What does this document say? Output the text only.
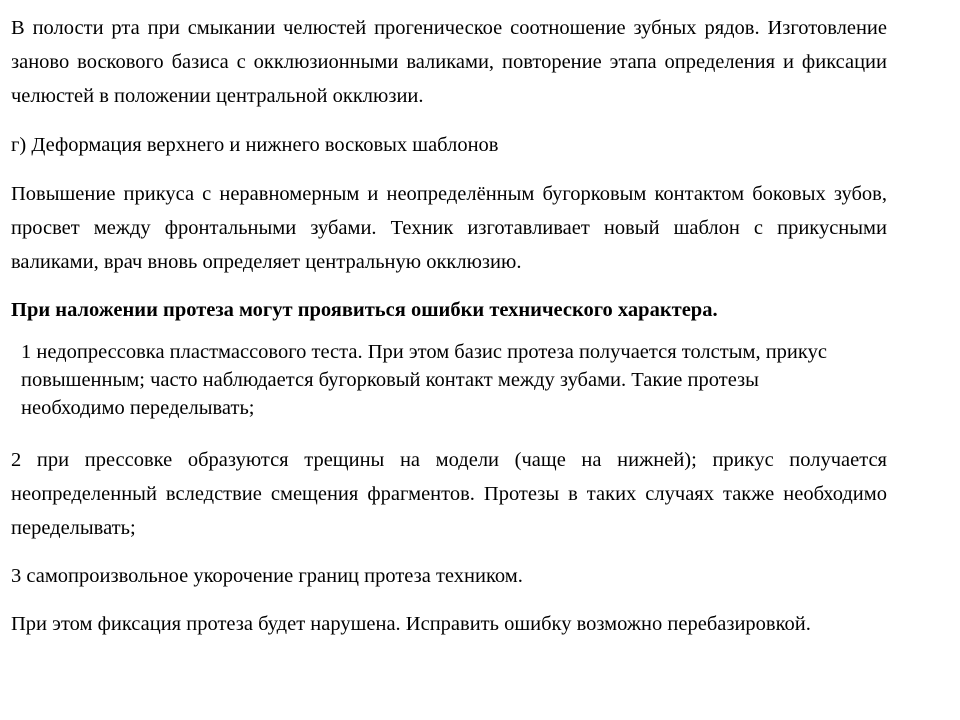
В полости рта при смыкании челюстей прогеническое соотношение зубных рядов. Изготовление заново воскового базиса с окклюзионными валиками, повторение этапа определения и фиксации челюстей в положении центральной окклюзии.

г) Деформация верхнего и нижнего восковых шаблонов

Повышение прикуса с неравномерным и неопределённым бугорковым контактом боковых зубов, просвет между фронтальными зубами. Техник изготавливает новый шаблон с прикусными валиками, врач вновь определяет центральную окклюзию.

При наложении протеза могут проявиться ошибки технического характера.

1 недопрессовка пластмассового теста. При этом базис протеза получается толстым, прикус повышенным; часто наблюдается бугорковый контакт между зубами. Такие протезы необходимо переделывать;

2 при прессовке образуются трещины на модели (чаще на нижней); прикус получается неопределенный вследствие смещения фрагментов. Протезы в таких случаях также необходимо переделывать;

3 самопроизвольное укорочение границ протеза техником.

При этом фиксация протеза будет нарушена. Исправить ошибку возможно перебазировкой.
